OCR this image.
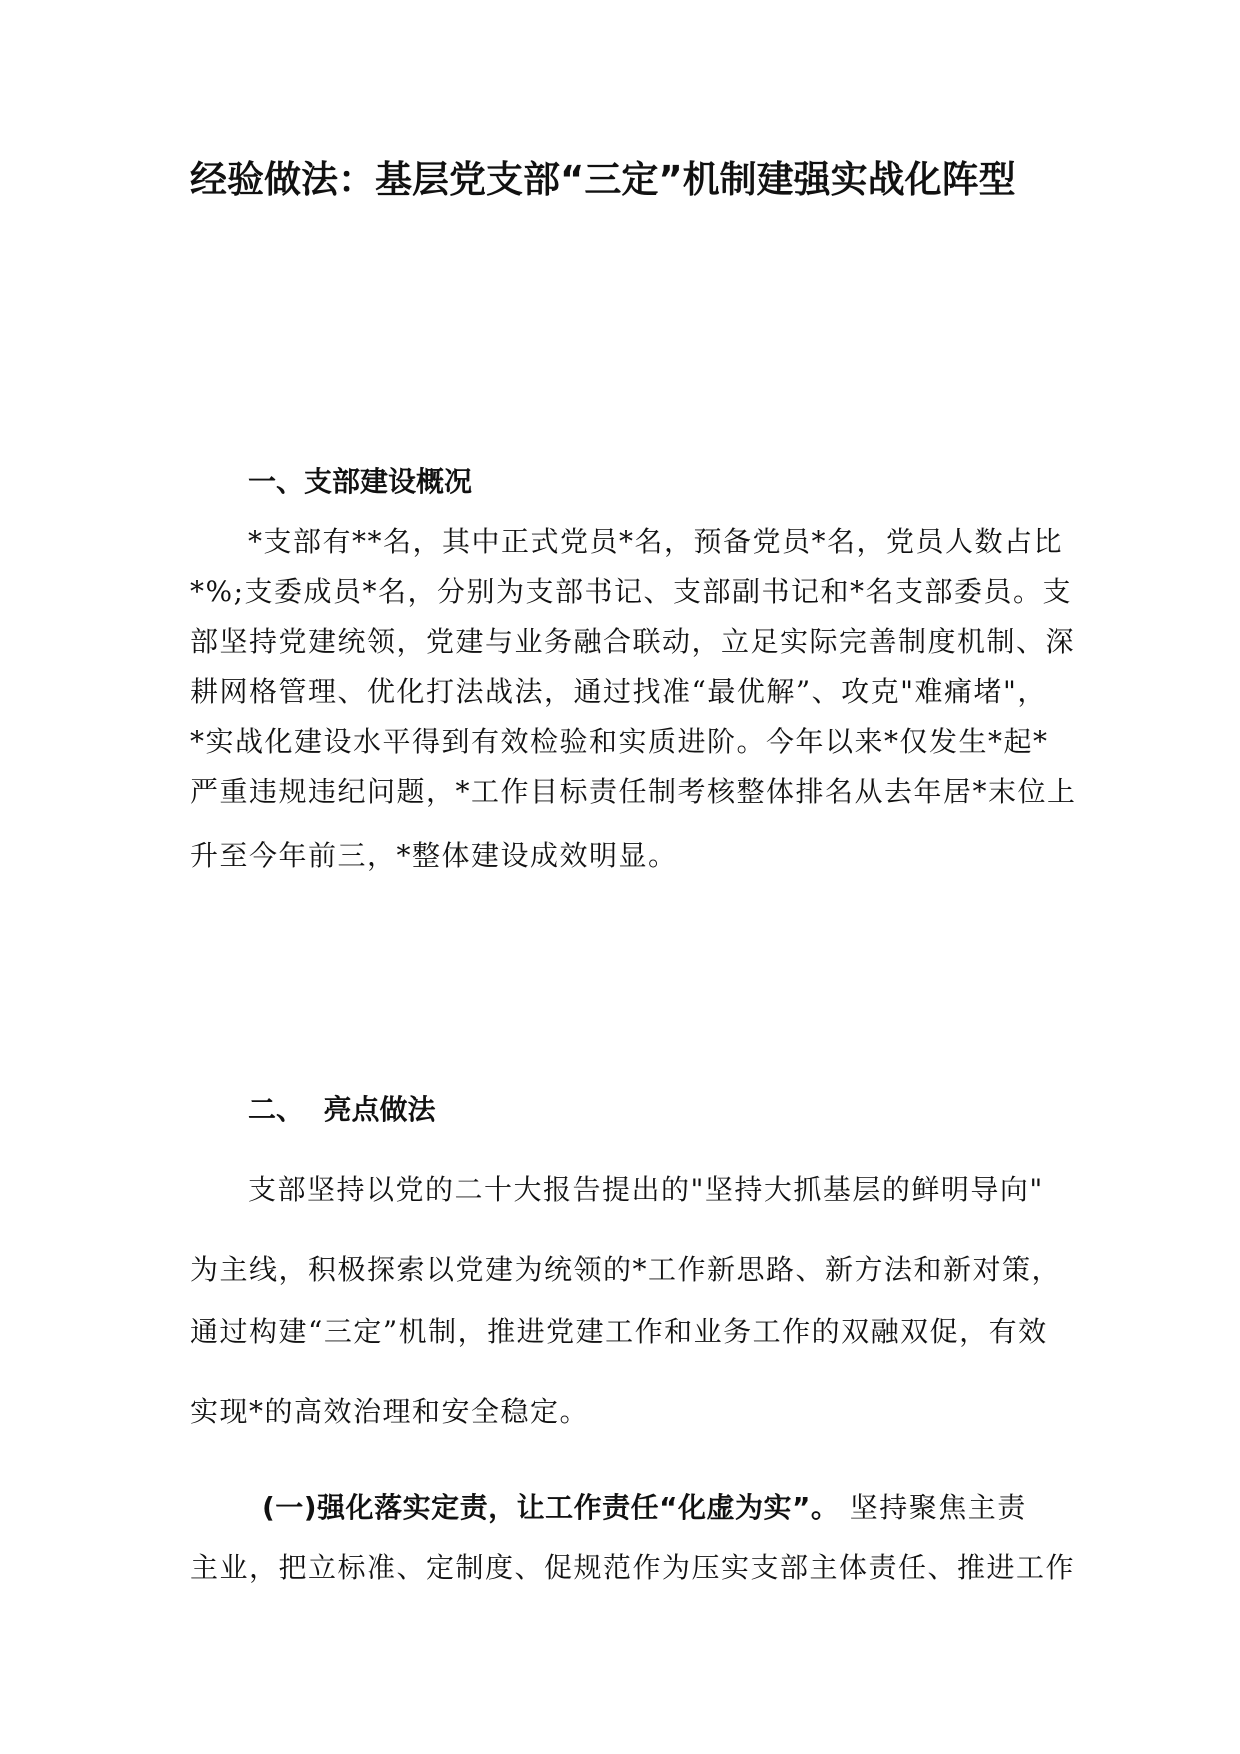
经验做法：基层党支部“三定”机制建强实战化阵型
一、支部建设概况
*支部有**名，其中正式党员*名，预备党员*名，党员人数占比
*%;支委成员*名，分别为支部书记、支部副书记和*名支部委员。支
部坚持党建统领，党建与业务融合联动，立足实际完善制度机制、深
耕网格管理、优化打法战法，通过找准“最优解”、攻克"难痛堵"，
*实战化建设水平得到有效检验和实质进阶。今年以来*仅发生*起*
严重违规违纪问题，*工作目标责任制考核整体排名从去年居*末位上
升至今年前三，*整体建设成效明显。
二、  亮点做法
支部坚持以党的二十大报告提出的"坚持大抓基层的鲜明导向"
为主线，积极探索以党建为统领的*工作新思路、新方法和新对策，
通过构建“三定”机制，推进党建工作和业务工作的双融双促，有效
实现*的高效治理和安全稳定。
(一)强化落实定责，让工作责任“化虚为实”。 坚持聚焦主责
主业，把立标准、定制度、促规范作为压实支部主体责任、推进工作
